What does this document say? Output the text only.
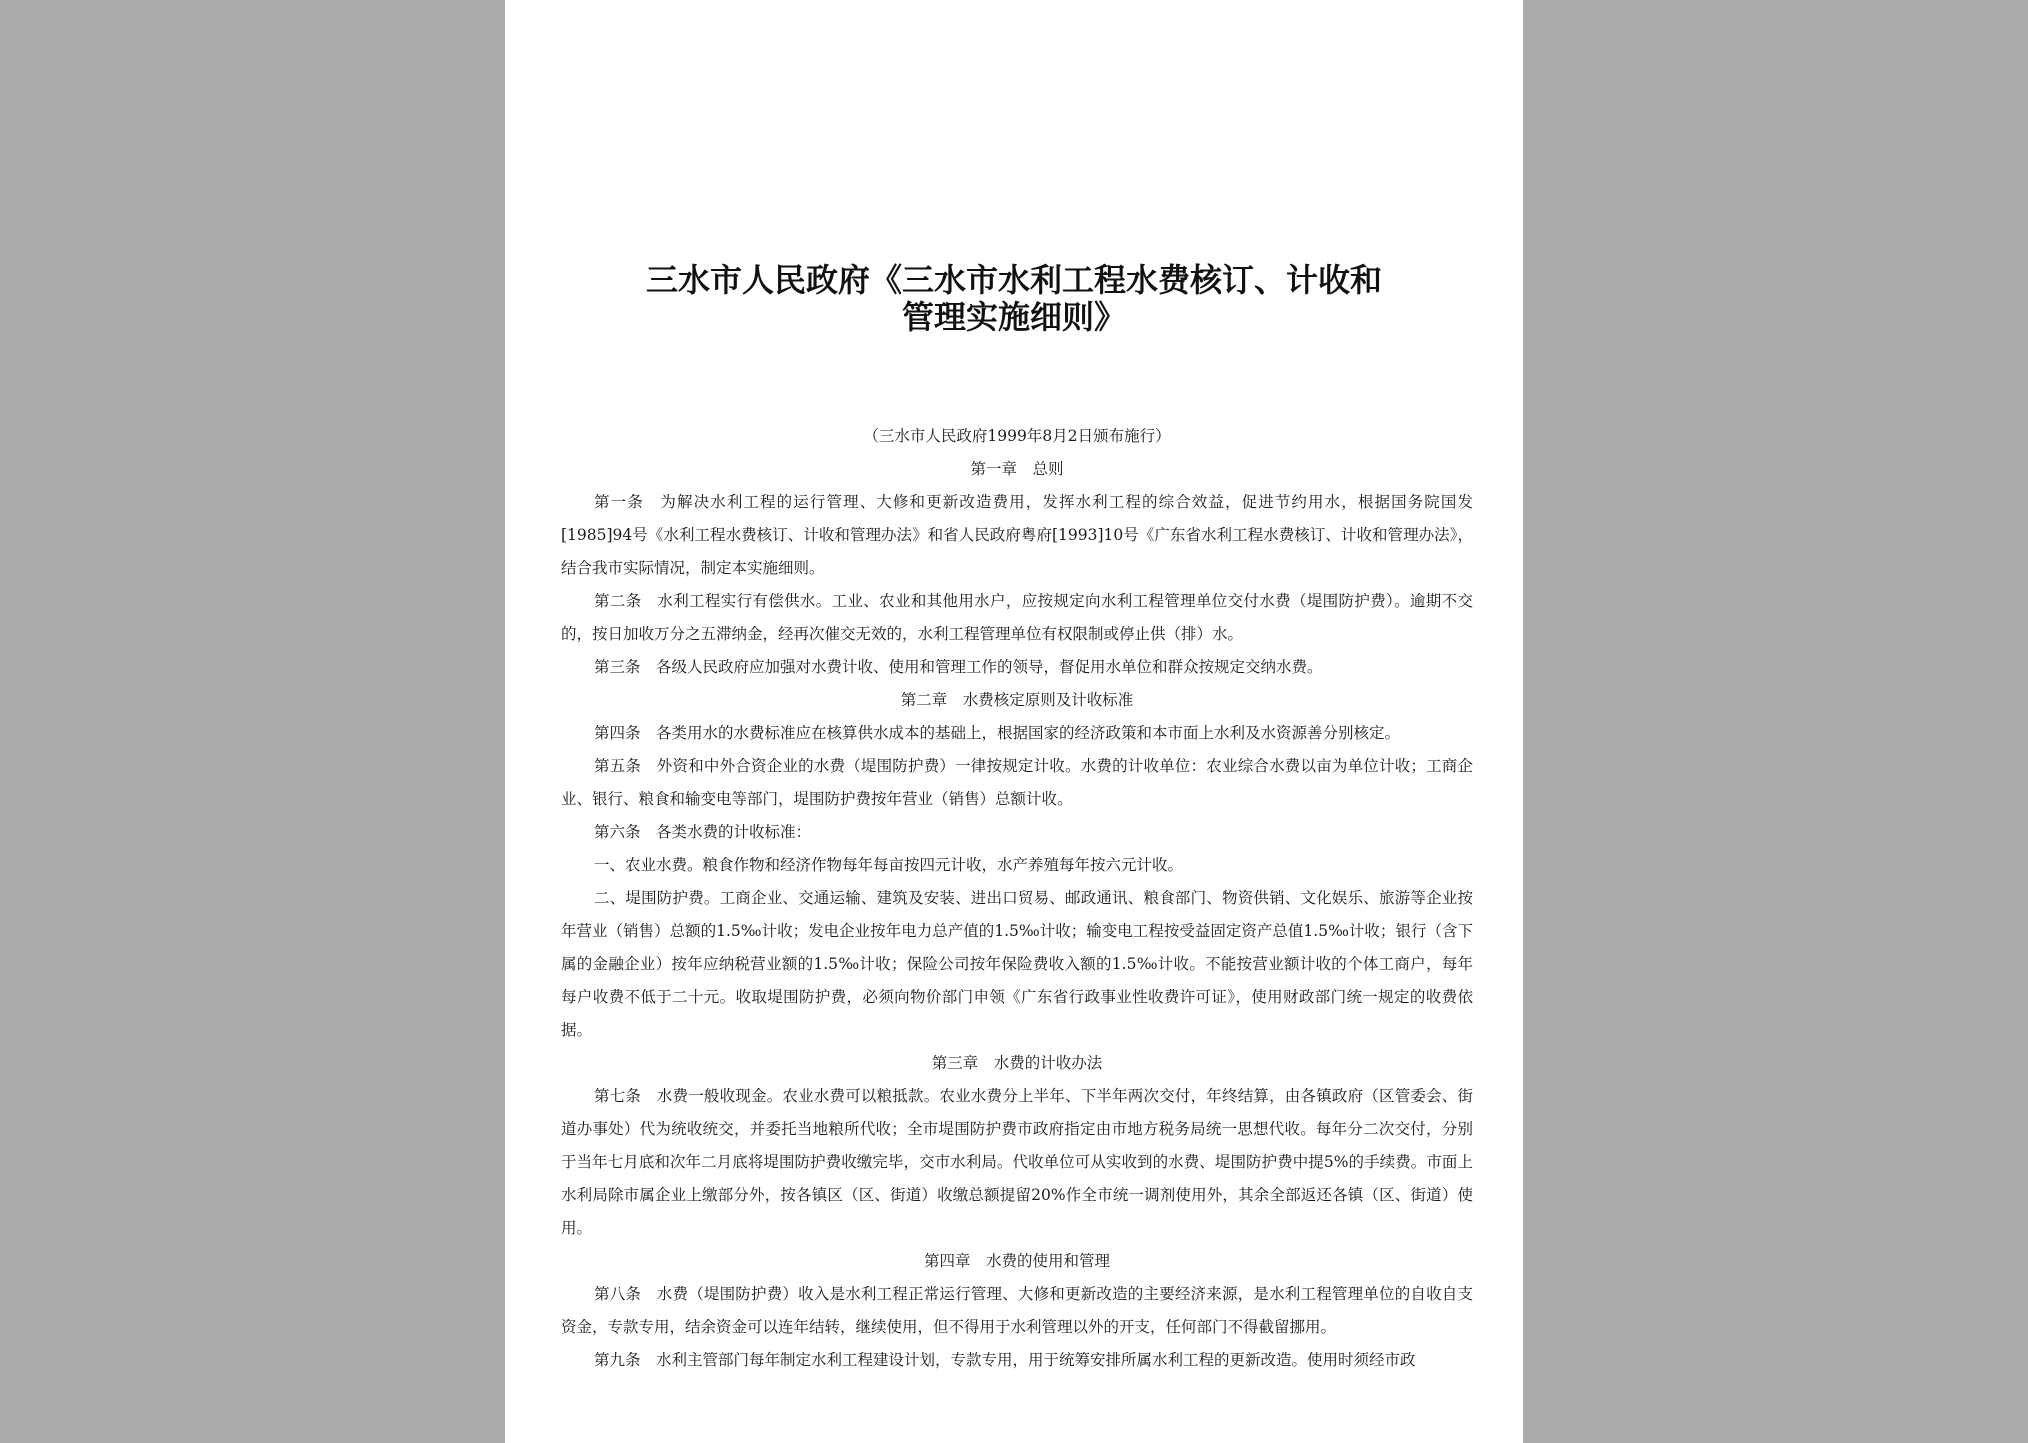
三水市人民政府《三水市水利工程水费核订、计收和
管理实施细则》

（三水市人民政府1999年8月2日颁布施行）

第一章　总则

第一条　为解决水利工程的运行管理、大修和更新改造费用，发挥水利工程的综合效益，促进节约用水，根据国务院国发[1985]94号《水利工程水费核订、计收和管理办法》和省人民政府粤府[1993]10号《广东省水利工程水费核订、计收和管理办法》，结合我市实际情况，制定本实施细则。

第二条　水利工程实行有偿供水。工业、农业和其他用水户，应按规定向水利工程管理单位交付水费（堤围防护费）。逾期不交的，按日加收万分之五滞纳金，经再次催交无效的，水利工程管理单位有权限制或停止供（排）水。

第三条　各级人民政府应加强对水费计收、使用和管理工作的领导，督促用水单位和群众按规定交纳水费。

第二章　水费核定原则及计收标准

第四条　各类用水的水费标准应在核算供水成本的基础上，根据国家的经济政策和本市面上水利及水资源善分别核定。

第五条　外资和中外合资企业的水费（堤围防护费）一律按规定计收。水费的计收单位：农业综合水费以亩为单位计收；工商企业、银行、粮食和输变电等部门，堤围防护费按年营业（销售）总额计收。

第六条　各类水费的计收标准：

一、农业水费。粮食作物和经济作物每年每亩按四元计收，水产养殖每年按六元计收。

二、堤围防护费。工商企业、交通运输、建筑及安装、进出口贸易、邮政通讯、粮食部门、物资供销、文化娱乐、旅游等企业按年营业（销售）总额的1.5‰计收；发电企业按年电力总产值的1.5‰计收；输变电工程按受益固定资产总值1.5‰计收；银行（含下属的金融企业）按年应纳税营业额的1.5‰计收；保险公司按年保险费收入额的1.5‰计收。不能按营业额计收的个体工商户，每年每户收费不低于二十元。收取堤围防护费，必须向物价部门申领《广东省行政事业性收费许可证》，使用财政部门统一规定的收费依据。

第三章　水费的计收办法

第七条　水费一般收现金。农业水费可以粮抵款。农业水费分上半年、下半年两次交付，年终结算，由各镇政府（区管委会、街道办事处）代为统收统交，并委托当地粮所代收；全市堤围防护费市政府指定由市地方税务局统一思想代收。每年分二次交付，分别于当年七月底和次年二月底将堤围防护费收缴完毕，交市水利局。代收单位可从实收到的水费、堤围防护费中提5%的手续费。市面上水利局除市属企业上缴部分外，按各镇区（区、街道）收缴总额提留20%作全市统一调剂使用外，其余全部返还各镇（区、街道）使用。

第四章　水费的使用和管理

第八条　水费（堤围防护费）收入是水利工程正常运行管理、大修和更新改造的主要经济来源，是水利工程管理单位的自收自支资金，专款专用，结余资金可以连年结转，继续使用，但不得用于水利管理以外的开支，任何部门不得截留挪用。

第九条　水利主管部门每年制定水利工程建设计划，专款专用，用于统筹安排所属水利工程的更新改造。使用时须经市政
